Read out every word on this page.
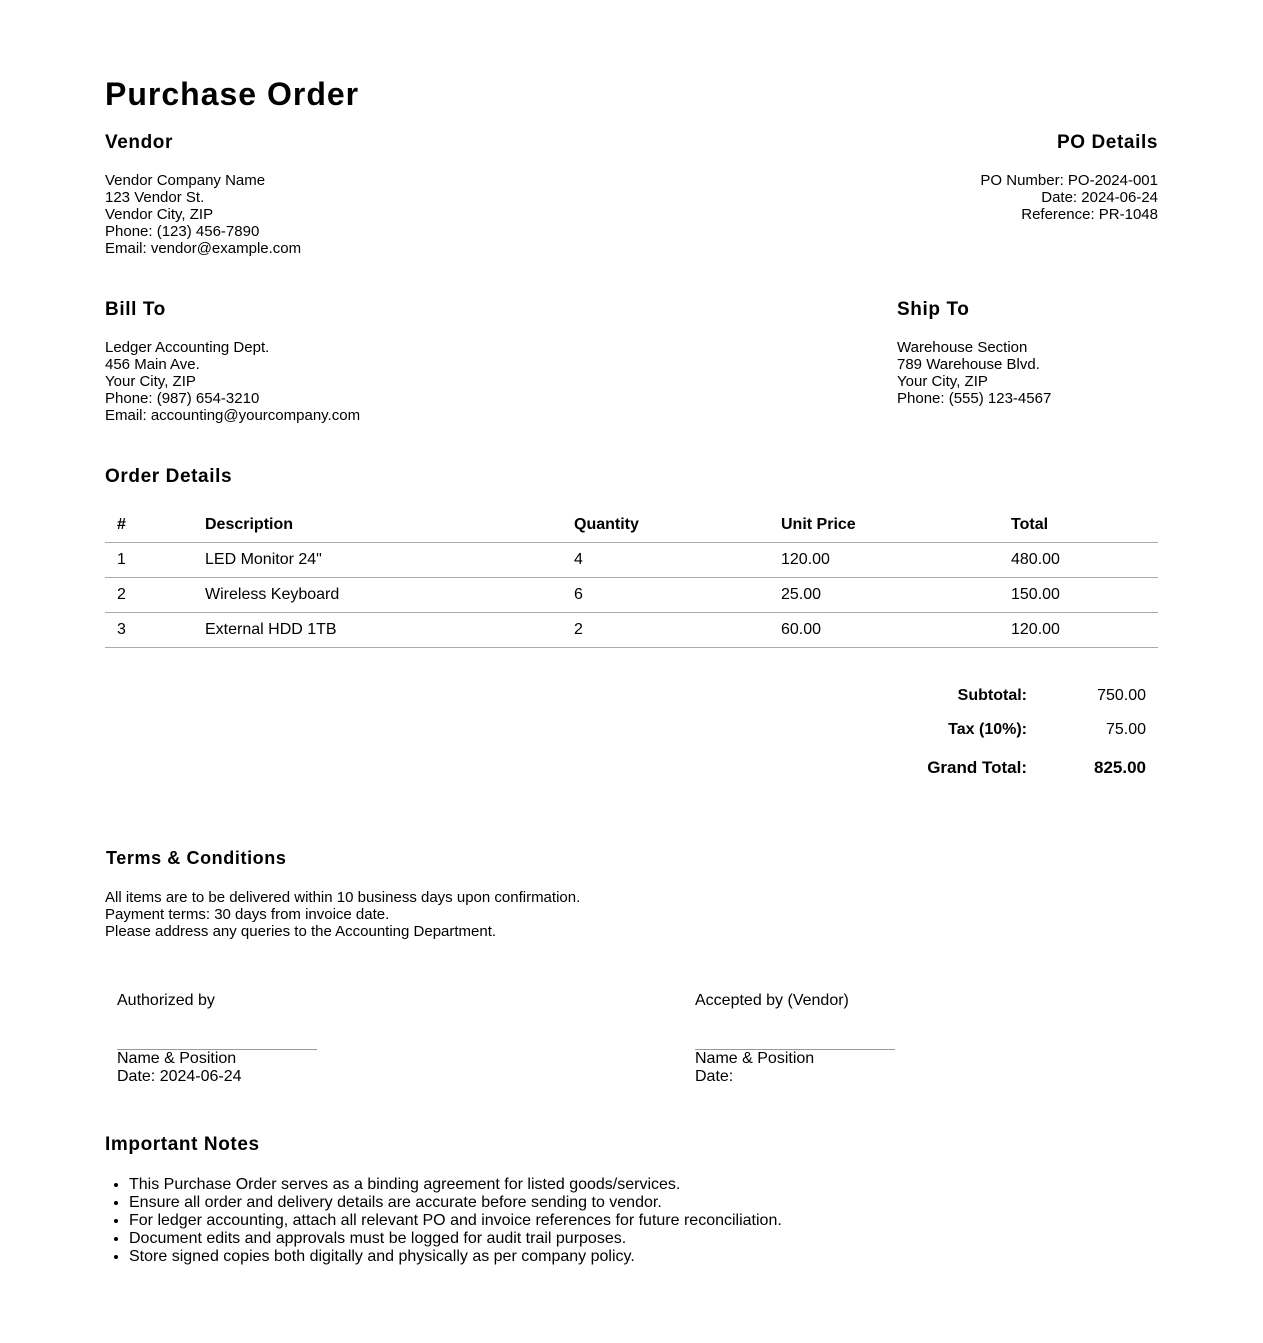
Purchase Order
Vendor
Vendor Company Name
123 Vendor St.
Vendor City, ZIP
Phone: (123) 456-7890
Email: vendor@example.com
PO Details
PO Number: PO-2024-001
Date: 2024-06-24
Reference: PR-1048
Bill To
Ledger Accounting Dept.
456 Main Ave.
Your City, ZIP
Phone: (987) 654-3210
Email: accounting@yourcompany.com
Ship To
Warehouse Section
789 Warehouse Blvd.
Your City, ZIP
Phone: (555) 123-4567
Order Details
#	Description	Quantity	Unit Price	Total
1	LED Monitor 24"	4	120.00	480.00
2	Wireless Keyboard	6	25.00	150.00
3	External HDD 1TB	2	60.00	120.00
Subtotal:	750.00
Tax (10%):	75.00
Grand Total:	825.00
Terms & Conditions
All items are to be delivered within 10 business days upon confirmation.
Payment terms: 30 days from invoice date.
Please address any queries to the Accounting Department.
Authorized by
Name & Position
Date: 2024-06-24
Accepted by (Vendor)
Name & Position
Date:
Important Notes
• This Purchase Order serves as a binding agreement for listed goods/services.
• Ensure all order and delivery details are accurate before sending to vendor.
• For ledger accounting, attach all relevant PO and invoice references for future reconciliation.
• Document edits and approvals must be logged for audit trail purposes.
• Store signed copies both digitally and physically as per company policy.
